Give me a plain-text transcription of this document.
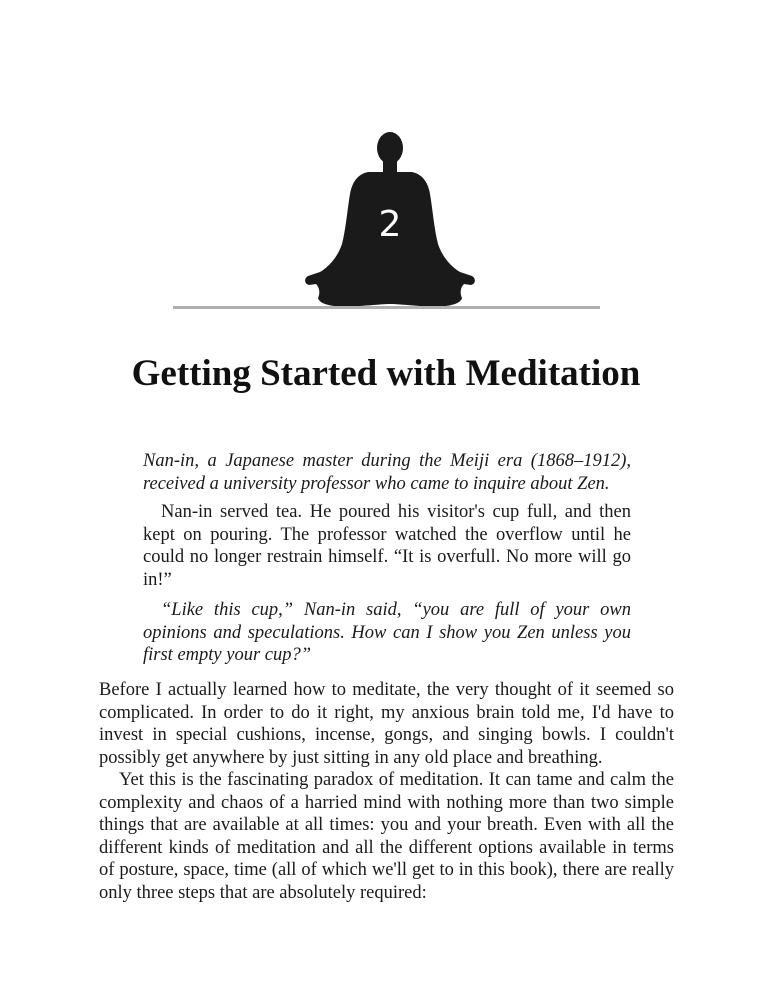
2
Getting Started with Meditation

Nan-in, a Japanese master during the Meiji era (1868–1912), received a university professor who came to inquire about Zen.

Nan-in served tea. He poured his visitor's cup full, and then kept on pouring. The professor watched the overflow until he could no longer restrain himself. “It is overfull. No more will go in!”

“Like this cup,” Nan-in said, “you are full of your own opinions and speculations. How can I show you Zen unless you first empty your cup?”

Before I actually learned how to meditate, the very thought of it seemed so complicated. In order to do it right, my anxious brain told me, I'd have to invest in special cushions, incense, gongs, and singing bowls. I couldn't possibly get anywhere by just sitting in any old place and breathing.

Yet this is the fascinating paradox of meditation. It can tame and calm the complexity and chaos of a harried mind with nothing more than two simple things that are available at all times: you and your breath. Even with all the different kinds of meditation and all the different options available in terms of posture, space, time (all of which we'll get to in this book), there are really only three steps that are absolutely required:
